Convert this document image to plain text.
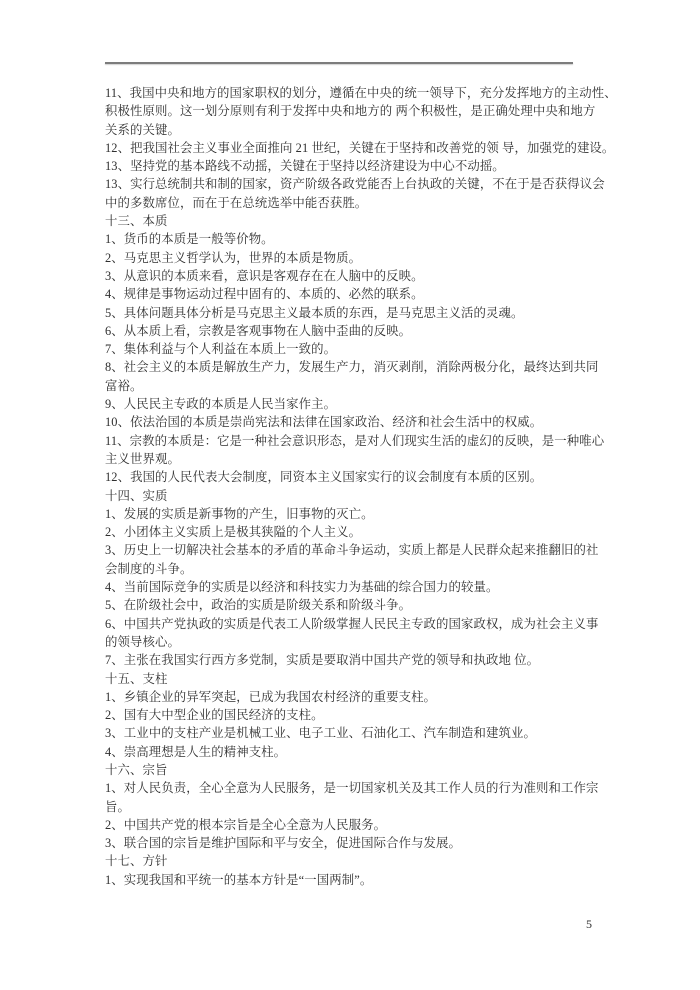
11、我国中央和地方的国家职权的划分，遵循在中央的统一领导下，充分发挥地方的主动性、
积极性原则。这一划分原则有利于发挥中央和地方的 两个积极性，是正确处理中央和地方
关系的关键。
12、把我国社会主义事业全面推向 21 世纪，关键在于坚持和改善党的领 导，加强党的建设。
13、坚持党的基本路线不动摇，关键在于坚持以经济建设为中心不动摇。
13、实行总统制共和制的国家，资产阶级各政党能否上台执政的关键，不在于是否获得议会
中的多数席位，而在于在总统选举中能否获胜。
十三、本质
1、货币的本质是一般等价物。
2、马克思主义哲学认为，世界的本质是物质。
3、从意识的本质来看，意识是客观存在在人脑中的反映。
4、规律是事物运动过程中固有的、本质的、必然的联系。
5、具体问题具体分析是马克思主义最本质的东西，是马克思主义活的灵魂。
6、从本质上看，宗教是客观事物在人脑中歪曲的反映。
7、集体利益与个人利益在本质上一致的。
8、社会主义的本质是解放生产力，发展生产力，消灭剥削，消除两极分化，最终达到共同
富裕。
9、人民民主专政的本质是人民当家作主。
10、依法治国的本质是崇尚宪法和法律在国家政治、经济和社会生活中的权威。
11、宗教的本质是：它是一种社会意识形态，是对人们现实生活的虚幻的反映，是一种唯心
主义世界观。
12、我国的人民代表大会制度，同资本主义国家实行的议会制度有本质的区别。
十四、实质
1、发展的实质是新事物的产生，旧事物的灭亡。
2、小团体主义实质上是极其狭隘的个人主义。
3、历史上一切解决社会基本的矛盾的革命斗争运动，实质上都是人民群众起来推翻旧的社
会制度的斗争。
4、当前国际竞争的实质是以经济和科技实力为基础的综合国力的较量。
5、在阶级社会中，政治的实质是阶级关系和阶级斗争。
6、中国共产党执政的实质是代表工人阶级掌握人民民主专政的国家政权，成为社会主义事
的领导核心。
7、主张在我国实行西方多党制，实质是要取消中国共产党的领导和执政地 位。
十五、支柱
1、乡镇企业的异军突起，已成为我国农村经济的重要支柱。
2、国有大中型企业的国民经济的支柱。
3、工业中的支柱产业是机械工业、电子工业、石油化工、汽车制造和建筑业。
4、崇高理想是人生的精神支柱。
十六、宗旨
1、对人民负责，全心全意为人民服务，是一切国家机关及其工作人员的行为准则和工作宗
旨。
2、中国共产党的根本宗旨是全心全意为人民服务。
3、联合国的宗旨是维护国际和平与安全，促进国际合作与发展。
十七、方针
1、实现我国和平统一的基本方针是“一国两制”。
5
